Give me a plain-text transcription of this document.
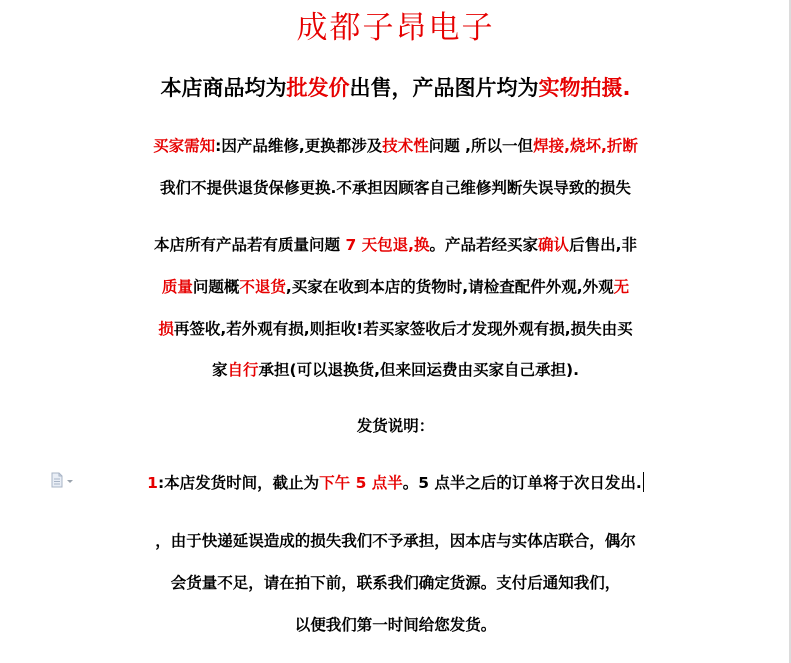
成都子昂电子
本店商品均为批发价出售，产品图片均为实物拍摄.
买家需知:因产品维修,更换都涉及技术性问题 ,所以一但焊接,烧坏,折断
我们不提供退货保修更换.不承担因顾客自己维修判断失误导致的损失
本店所有产品若有质量问题 7 天包退,换。产品若经买家确认后售出,非
质量问题概不退货,买家在收到本店的货物时,请检查配件外观,外观无
损再签收,若外观有损,则拒收!若买家签收后才发现外观有损,损失由买
家自行承担(可以退换货,但来回运费由买家自己承担).
发货说明：
1:本店发货时间，截止为下午 5 点半。5 点半之后的订单将于次日发出.
，由于快递延误造成的损失我们不予承担，因本店与实体店联合，偶尔
会货量不足，请在拍下前，联系我们确定货源。支付后通知我们，
以便我们第一时间给您发货。
